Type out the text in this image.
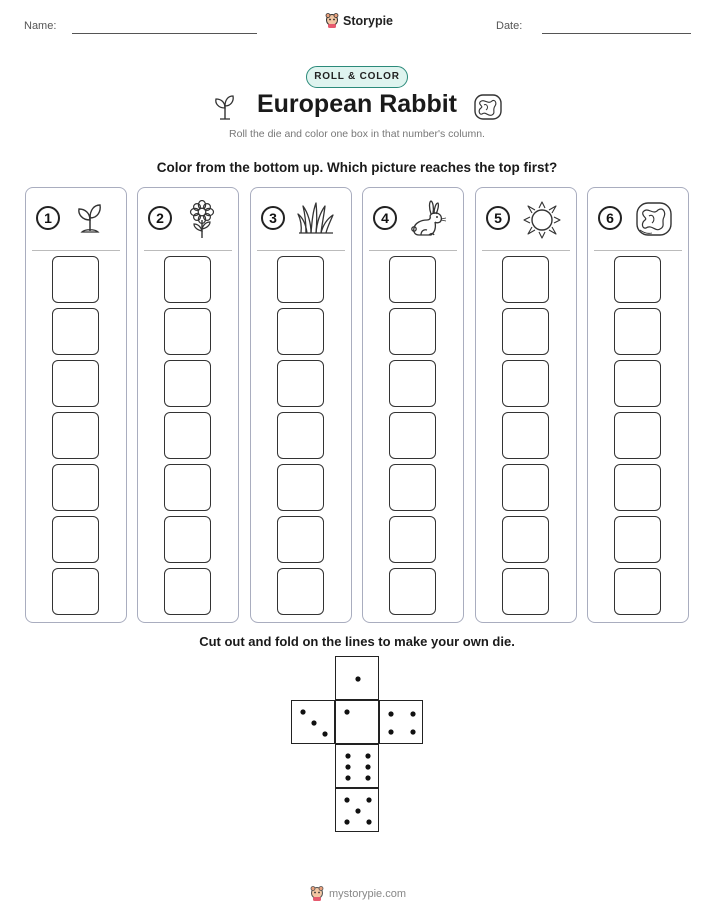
Name:	Storypie	Date:
ROLL & COLOR
European Rabbit
Roll the die and color one box in that number's column.
Color from the bottom up. Which picture reaches the top first?
1	2	3	4	5	6
Cut out and fold on the lines to make your own die.
mystorypie.com
